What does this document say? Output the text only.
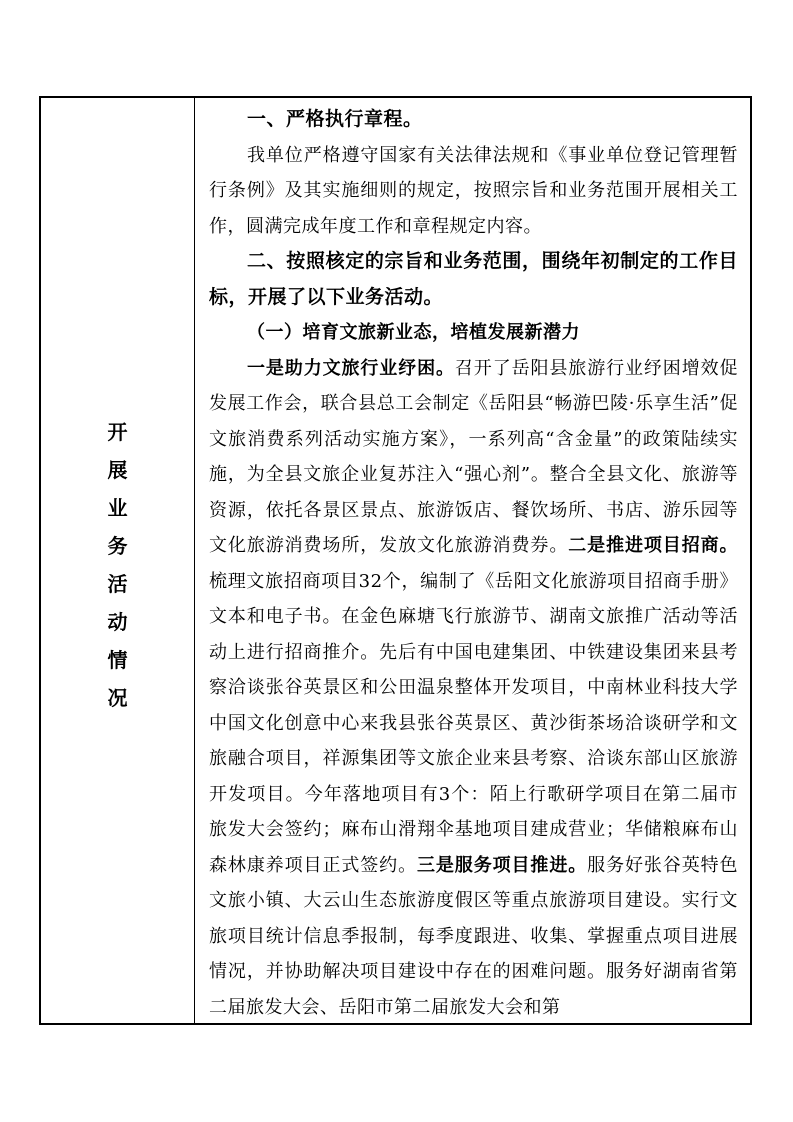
开
展
业
务
活
动
情
况

一、严格执行章程。

我单位严格遵守国家有关法律法规和《事业单位登记管理暂行条例》及其实施细则的规定，按照宗旨和业务范围开展相关工作，圆满完成年度工作和章程规定内容。

二、按照核定的宗旨和业务范围，围绕年初制定的工作目标，开展了以下业务活动。

（一）培育文旅新业态，培植发展新潜力

一是助力文旅行业纾困。召开了岳阳县旅游行业纾困增效促发展工作会，联合县总工会制定《岳阳县“畅游巴陵·乐享生活”促文旅消费系列活动实施方案》，一系列高“含金量”的政策陆续实施，为全县文旅企业复苏注入“强心剂”。整合全县文化、旅游等资源，依托各景区景点、旅游饭店、餐饮场所、书店、游乐园等文化旅游消费场所，发放文化旅游消费券。二是推进项目招商。梳理文旅招商项目32个，编制了《岳阳文化旅游项目招商手册》文本和电子书。在金色麻塘飞行旅游节、湖南文旅推广活动等活动上进行招商推介。先后有中国电建集团、中铁建设集团来县考察洽谈张谷英景区和公田温泉整体开发项目，中南林业科技大学中国文化创意中心来我县张谷英景区、黄沙街茶场洽谈研学和文旅融合项目，祥源集团等文旅企业来县考察、洽谈东部山区旅游开发项目。今年落地项目有3个：陌上行歌研学项目在第二届市旅发大会签约；麻布山滑翔伞基地项目建成营业；华储粮麻布山森林康养项目正式签约。三是服务项目推进。服务好张谷英特色文旅小镇、大云山生态旅游度假区等重点旅游项目建设。实行文旅项目统计信息季报制，每季度跟进、收集、掌握重点项目进展情况，并协助解决项目建设中存在的困难问题。服务好湖南省第二届旅发大会、岳阳市第二届旅发大会和第
